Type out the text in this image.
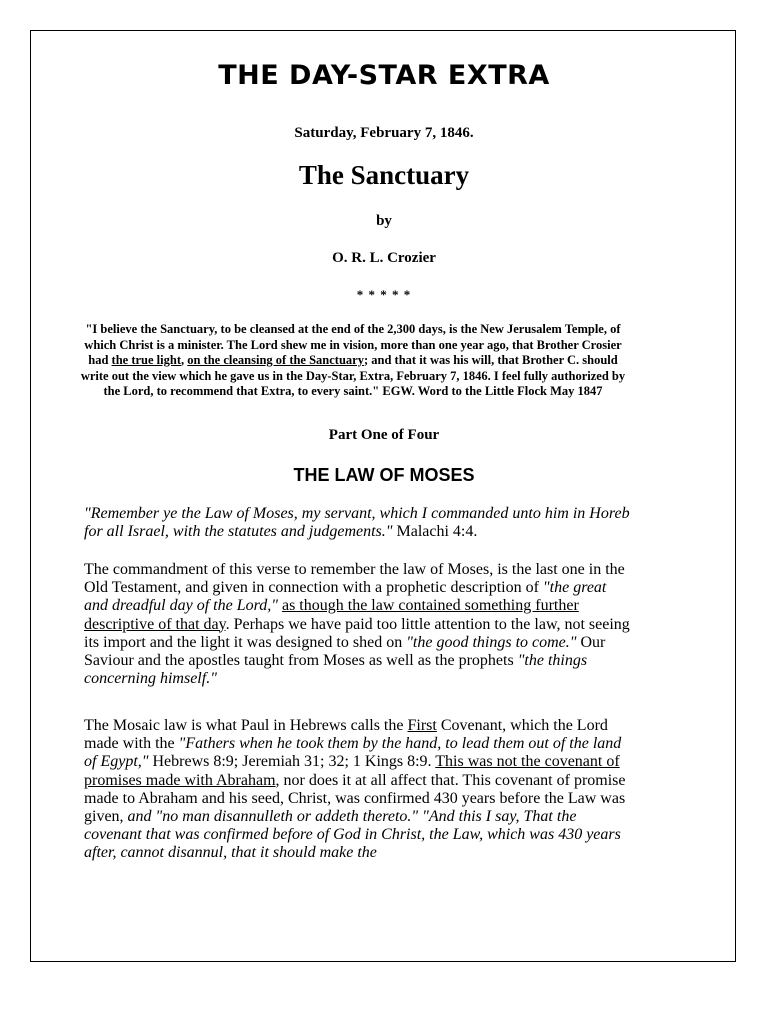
THE DAY-STAR EXTRA

Saturday, February 7, 1846.

The Sanctuary

by

O. R. L. Crozier

* * * * *

"I believe the Sanctuary, to be cleansed at the end of the 2,300 days, is the New Jerusalem Temple, of which Christ is a minister. The Lord shew me in vision, more than one year ago, that Brother Crosier had the true light, on the cleansing of the Sanctuary; and that it was his will, that Brother C. should write out the view which he gave us in the Day-Star, Extra, February 7, 1846. I feel fully authorized by the Lord, to recommend that Extra, to every saint." EGW. Word to the Little Flock May 1847

Part One of Four

THE LAW OF MOSES

"Remember ye the Law of Moses, my servant, which I commanded unto him in Horeb for all Israel, with the statutes and judgements." Malachi 4:4.

The commandment of this verse to remember the law of Moses, is the last one in the Old Testament, and given in connection with a prophetic description of "the great and dreadful day of the Lord," as though the law contained something further descriptive of that day. Perhaps we have paid too little attention to the law, not seeing its import and the light it was designed to shed on "the good things to come." Our Saviour and the apostles taught from Moses as well as the prophets "the things concerning himself."

The Mosaic law is what Paul in Hebrews calls the First Covenant, which the Lord made with the "Fathers when he took them by the hand, to lead them out of the land of Egypt," Hebrews 8:9; Jeremiah 31; 32; 1 Kings 8:9. This was not the covenant of promises made with Abraham, nor does it at all affect that. This covenant of promise made to Abraham and his seed, Christ, was confirmed 430 years before the Law was given, and "no man disannulleth or addeth thereto." "And this I say, That the covenant that was confirmed before of God in Christ, the Law, which was 430 years after, cannot disannul, that it should make the
